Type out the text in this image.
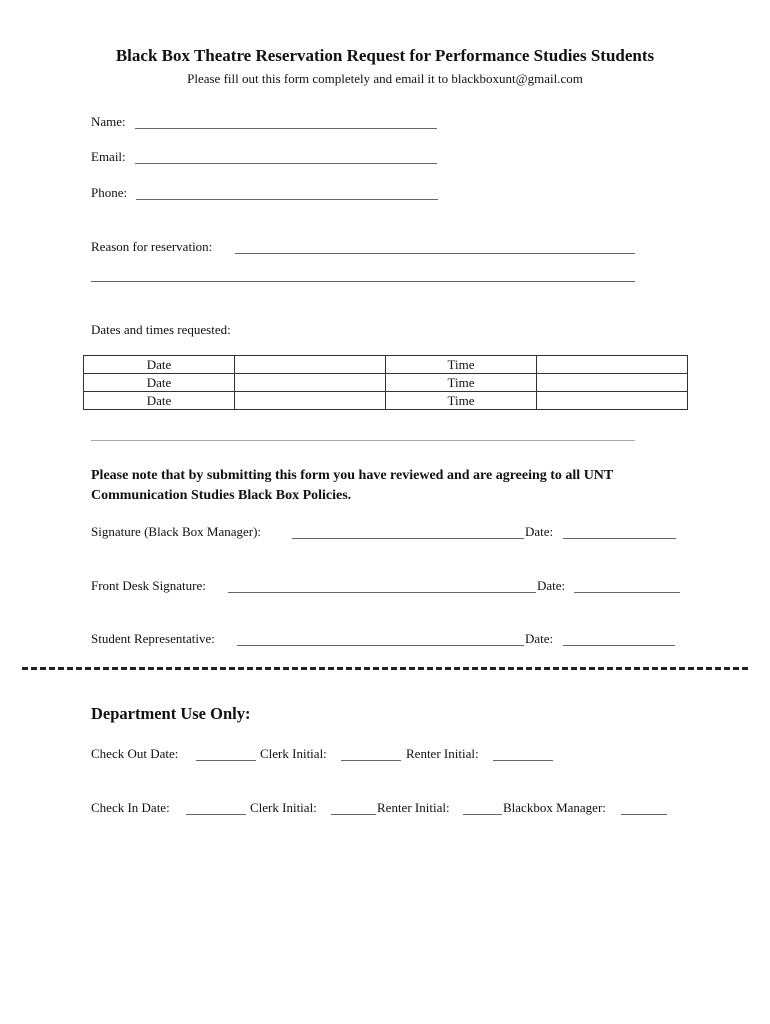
Black Box Theatre Reservation Request for Performance Studies Students
Please fill out this form completely and email it to blackboxunt@gmail.com
Name:
Email:
Phone:
Reason for reservation:
Dates and times requested:
Date		Time	
Date		Time	
Date		Time	
Please note that by submitting this form you have reviewed and are agreeing to all UNT Communication Studies Black Box Policies.
Signature (Black Box Manager):	Date:
Front Desk Signature:	Date:
Student Representative:	Date:
Department Use Only:
Check Out Date:	Clerk Initial:	Renter Initial:
Check In Date:	Clerk Initial:	Renter Initial:	Blackbox Manager:
